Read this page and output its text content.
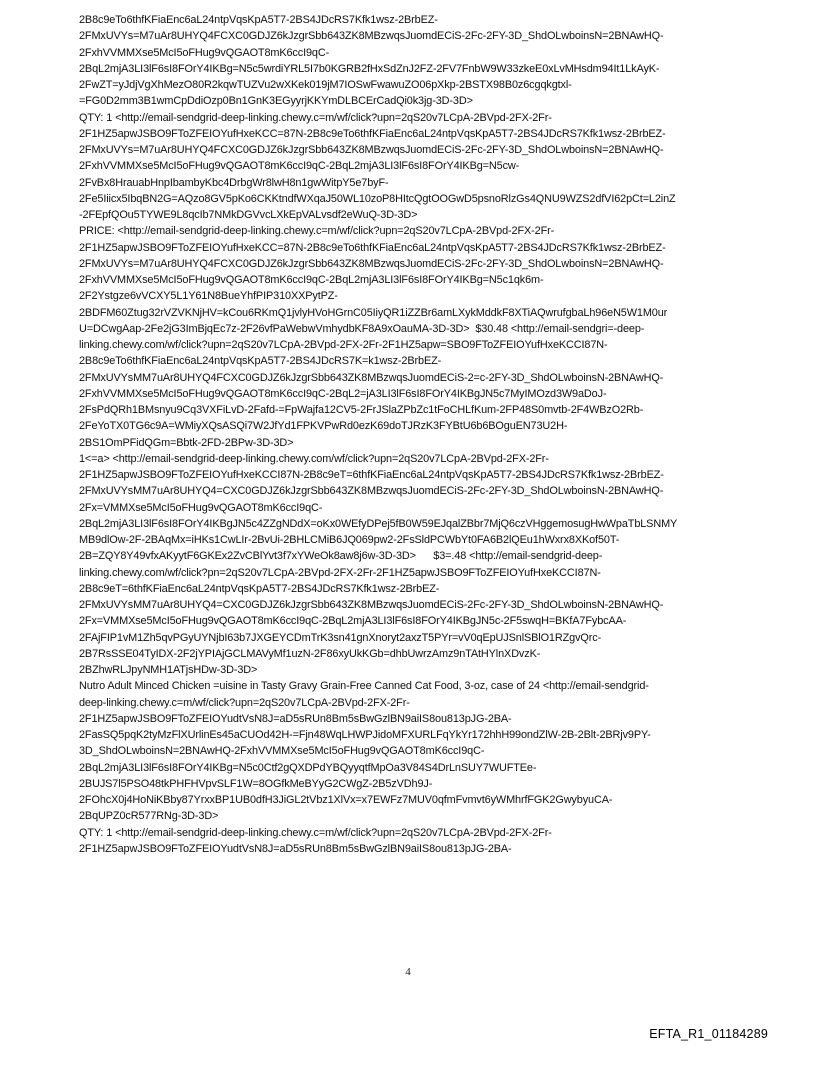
2B8c9eTo6thfKFiaEnc6aL24ntpVqsKpA5T7-2BS4JDcRS7Kfk1wsz-2BrbEZ-
2FMxUVYs=M7uAr8UHYQ4FCXC0GDJZ6kJzgrSbb643ZK8MBzwqsJuomdECiS-2Fc-2FY-3D_ShdOLwboinsN=2BNAwHQ-
2FxhVVMMXse5McI5oFHug9vQGAOT8mK6ccI9qC-
2BqL2mjA3LI3lF6sI8FOrY4IKBg=N5c5wrdiYRL5I7b0KGRB2fHxSdZnJ2FZ-2FV7FnbW9W33zkeE0xLvMHsdm94It1LkAyK-
2FwZT=yJdjVgXhMezO80R2kqwTUZVu2wXKek019jM7IOSwFwawuZO06pXkp-2BSTX98B0z6cgqkgtxl-
=FG0D2mm3B1wmCpDdiOzp0Bn1GnK3EGyyrjKKYmDLBCErCadQi0k3jg-3D-3D>
QTY: 1 <http://email-sendgrid-deep-linking.chewy.c=m/wf/click?upn=2qS20v7LCpA-2BVpd-2FX-2Fr-
2F1HZ5apwJSBO9FToZFEIOYufHxeKCC=87N-2B8c9eTo6thfKFiaEnc6aL24ntpVqsKpA5T7-2BS4JDcRS7Kfk1wsz-2BrbEZ-
2FMxUVYs=M7uAr8UHYQ4FCXC0GDJZ6kJzgrSbb643ZK8MBzwqsJuomdECiS-2Fc-2FY-3D_ShdOLwboinsN=2BNAwHQ-
2FxhVVMMXse5McI5oFHug9vQGAOT8mK6ccI9qC-2BqL2mjA3LI3lF6sI8FOrY4IKBg=N5cw-
2FvBx8HrauabHnpIbambyKbc4DrbgWr8lwH8n1gwWitpY5e7byF-
2Fe5Iiicx5IbqBN2G=AQzo8GV5pKo6CKKtndfWXqaJ50WL10zoP8HItcQgtOOGwD5psnoRlzGs4QNU9WZS2dfVI62pCt=L2inZ
-2FEpfQOu5TYWE9L8qcIb7NMkDGVvcLXkEpVALvsdf2eWuQ-3D-3D>
PRICE: <http://email-sendgrid-deep-linking.chewy.c=m/wf/click?upn=2qS20v7LCpA-2BVpd-2FX-2Fr-
2F1HZ5apwJSBO9FToZFEIOYufHxeKCC=87N-2B8c9eTo6thfKFiaEnc6aL24ntpVqsKpA5T7-2BS4JDcRS7Kfk1wsz-2BrbEZ-
2FMxUVYs=M7uAr8UHYQ4FCXC0GDJZ6kJzgrSbb643ZK8MBzwqsJuomdECiS-2Fc-2FY-3D_ShdOLwboinsN=2BNAwHQ-
2FxhVVMMXse5McI5oFHug9vQGAOT8mK6ccI9qC-2BqL2mjA3LI3lF6sI8FOrY4IKBg=N5c1qk6m-
2F2Ystgze6vVCXY5L1Y61N8BueYhfPIP310XXPytPZ-
2BDFM60Ztug32rVZVKNjHV=kCou6RKmQ1jvlyHVoHGrnC05IiyQR1iZZBr6amLXykMddkF8XTiAQwrufgbaLh96eN5W1M0ur
U=DCwgAap-2Fe2jG3ImBjqEc7z-2F26vfPaWebwVmhydbKF8A9xOauMA-3D-3D>  $30.48 <http://email-sendgri=-deep-
linking.chewy.com/wf/click?upn=2qS20v7LCpA-2BVpd-2FX-2Fr-2F1HZ5apw=SBO9FToZFEIOYufHxeKCCI87N-
2B8c9eTo6thfKFiaEnc6aL24ntpVqsKpA5T7-2BS4JDcRS7K=k1wsz-2BrbEZ-
2FMxUVYsMM7uAr8UHYQ4FCXC0GDJZ6kJzgrSbb643ZK8MBzwqsJuomdECiS-2=c-2FY-3D_ShdOLwboinsN-2BNAwHQ-
2FxhVVMMXse5McI5oFHug9vQGAOT8mK6ccI9qC-2BqL2=jA3LI3lF6sI8FOrY4IKBgJN5c7MyIMOzd3W9aDoJ-
2FsPdQRh1BMsnyu9Cq3VXFiLvD-2Fafd-=FpWajfa12CV5-2FrJSlaZPbZc1tFoCHLfKum-2FP48S0mvtb-2F4WBzO2Rb-
2FeYoTX0TG6c9A=WMiyXQsASQi7W2JfYd1FPKVPwRd0ezK69doTJRzK3FYBtU6b6BOguEN73U2H-
2BS1OmPFidQGm=Bbtk-2FD-2BPw-3D-3D>
1<=a> <http://email-sendgrid-deep-linking.chewy.com/wf/click?upn=2qS20v7LCpA-2BVpd-2FX-2Fr-
2F1HZ5apwJSBO9FToZFEIOYufHxeKCCI87N-2B8c9eT=6thfKFiaEnc6aL24ntpVqsKpA5T7-2BS4JDcRS7Kfk1wsz-2BrbEZ-
2FMxUVYsMM7uAr8UHYQ4=CXC0GDJZ6kJzgrSbb643ZK8MBzwqsJuomdECiS-2Fc-2FY-3D_ShdOLwboinsN-2BNAwHQ-
2Fx=VMMXse5McI5oFHug9vQGAOT8mK6ccI9qC-
2BqL2mjA3LI3lF6sI8FOrY4IKBgJN5c4ZZgNDdX=oKx0WEfyDPej5fB0W59EJqalZBbr7MjQ6czVHggemosugHwWpaTbLSNMY
MB9dlOw-2F-2BAqMx=iHKs1CwLIr-2BvUi-2BHLCMiB6JQ069pw2-2FsSldPCWbYt0FA6B2lQEu1hWxrx8XKof50T-
2B=ZQY8Y49vfxAKyytF6GKEx2ZvCBlYvt3f7xYWeOk8aw8j6w-3D-3D>      $3=.48 <http://email-sendgrid-deep-
linking.chewy.com/wf/click?pn=2qS20v7LCpA-2BVpd-2FX-2Fr-2F1HZ5apwJSBO9FToZFEIOYufHxeKCCI87N-
2B8c9eT=6thfKFiaEnc6aL24ntpVqsKpA5T7-2BS4JDcRS7Kfk1wsz-2BrbEZ-
2FMxUVYsMM7uAr8UHYQ4=CXC0GDJZ6kJzgrSbb643ZK8MBzwqsJuomdECiS-2Fc-2FY-3D_ShdOLwboinsN-2BNAwHQ-
2Fx=VMMXse5McI5oFHug9vQGAOT8mK6ccI9qC-2BqL2mjA3LI3lF6sI8FOrY4IKBgJN5c-2F5swqH=BKfA7FybcAA-
2FAjFIP1vM1Zh5qvPGyUYNjbI63b7JXGEYCDmTrK3sn41gnXnoryt2axzT5PYr=vV0qEpUJSnlSBlO1RZgvQrc-
2B7RsSSE04TyIDX-2F2jYPIAjGCLMAVyMf1uzN-2F86xyUkKGb=dhbUwrzAmz9nTAtHYlnXDvzK-
2BZhwRLJpyNMH1ATjsHDw-3D-3D>
Nutro Adult Minced Chicken =uisine in Tasty Gravy Grain-Free Canned Cat Food, 3-oz, case of 24 <http://email-sendgrid-
deep-linking.chewy.c=m/wf/click?upn=2qS20v7LCpA-2BVpd-2FX-2Fr-
2F1HZ5apwJSBO9FToZFEIOYudtVsN8J=aD5sRUn8Bm5sBwGzlBN9aiIS8ou813pJG-2BA-
2FasSQ5pqK2tyMzFlXUrlinEs45aCUOd42H-=Fjn48WqLHWPJidoMFXURLFqYkYr172hhH99ondZlW-2B-2Blt-2BRjv9PY-
3D_ShdOLwboinsN=2BNAwHQ-2FxhVVMMXse5McI5oFHug9vQGAOT8mK6ccI9qC-
2BqL2mjA3LI3lF6sI8FOrY4IKBg=N5c0Ctf2gQXDPdYBQyyqtfMpOa3V84S4DrLnSUY7WUFTEe-
2BUJS7l5PSO48tkPHFHVpvSLF1W=8OGfkMeBYyG2CWgZ-2B5zVDh9J-
2FOhcX0j4HoNiKBby87YrxxBP1UB0dfH3JiGL2tVbz1XlVx=x7EWFz7MUV0qfmFvmvt6yWMhrfFGK2GwybyuCA-
2BqUPZ0cR577RNg-3D-3D>
QTY: 1 <http://email-sendgrid-deep-linking.chewy.c=m/wf/click?upn=2qS20v7LCpA-2BVpd-2FX-2Fr-
2F1HZ5apwJSBO9FToZFEIOYudtVsN8J=aD5sRUn8Bm5sBwGzlBN9aiIS8ou813pJG-2BA-
4
EFTA_R1_01184289
